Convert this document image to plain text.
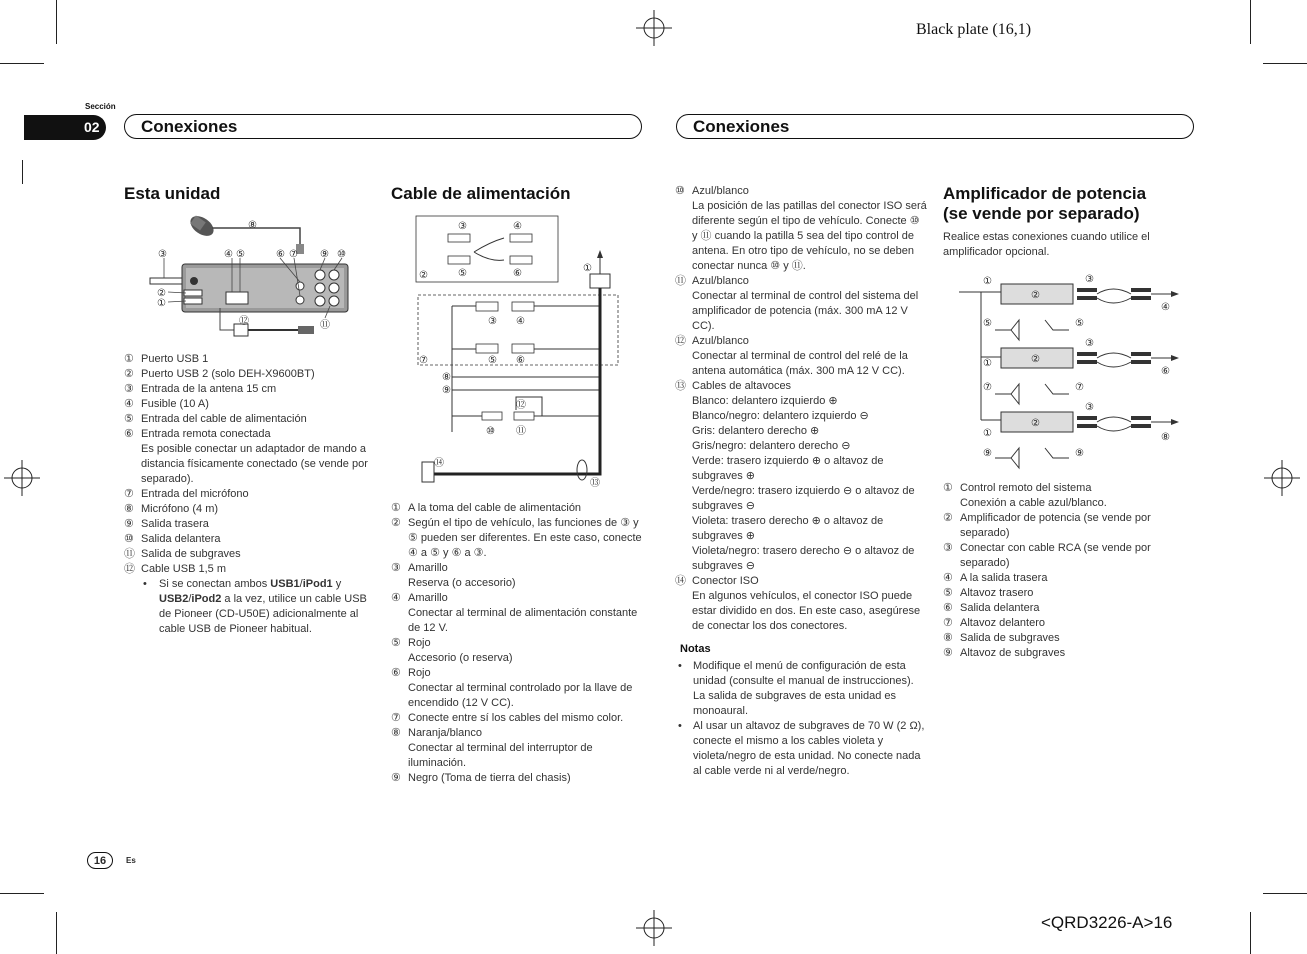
Black plate (16,1)
Sección
02 Conexiones	Conexiones
Esta unidad
⑧
③	④ ⑤	⑥ ⑦ ⑨ ⑩
②
①
⑫	⑪
① Puerto USB 1
② Puerto USB 2 (solo DEH-X9600BT)
③ Entrada de la antena 15 cm
④ Fusible (10 A)
⑤ Entrada del cable de alimentación
⑥ Entrada remota conectada
Es posible conectar un adaptador de mando a distancia físicamente conectado (se vende por separado).
⑦ Entrada del micrófono
⑧ Micrófono (4 m)
⑨ Salida trasera
⑩ Salida delantera
⑪ Salida de subgraves
⑫ Cable USB 1,5 m
• Si se conectan ambos USB1/iPod1 y USB2/iPod2 a la vez, utilice un cable USB de Pioneer (CD-U50E) adicionalmente al cable USB de Pioneer habitual.
Cable de alimentación
③	④
⑤	⑥
②
①
③ ④
⑤ ⑥
⑦
⑧
⑨
⑩ ⑪
⑫
⑭
⑬
① A la toma del cable de alimentación
② Según el tipo de vehículo, las funciones de ③ y ⑤ pueden ser diferentes. En este caso, conecte ④ a ⑤ y ⑥ a ③.
③ Amarillo
Reserva (o accesorio)
④ Amarillo
Conectar al terminal de alimentación constante de 12 V.
⑤ Rojo
Accesorio (o reserva)
⑥ Rojo
Conectar al terminal controlado por la llave de encendido (12 V CC).
⑦ Conecte entre sí los cables del mismo color.
⑧ Naranja/blanco
Conectar al terminal del interruptor de iluminación.
⑨ Negro (Toma de tierra del chasis)
⑩ Azul/blanco
La posición de las patillas del conector ISO será diferente según el tipo de vehículo. Conecte ⑩ y ⑪ cuando la patilla 5 sea del tipo control de antena. En otro tipo de vehículo, no se deben conectar nunca ⑩ y ⑪.
⑪ Azul/blanco
Conectar al terminal de control del sistema del amplificador de potencia (máx. 300 mA 12 V CC).
⑫ Azul/blanco
Conectar al terminal de control del relé de la antena automática (máx. 300 mA 12 V CC).
⑬ Cables de altavoces
Blanco: delantero izquierdo ⊕
Blanco/negro: delantero izquierdo ⊖
Gris: delantero derecho ⊕
Gris/negro: delantero derecho ⊖
Verde: trasero izquierdo ⊕ o altavoz de subgraves ⊕
Verde/negro: trasero izquierdo ⊖ o altavoz de subgraves ⊖
Violeta: trasero derecho ⊕ o altavoz de subgraves ⊕
Violeta/negro: trasero derecho ⊖ o altavoz de subgraves ⊖
⑭ Conector ISO
En algunos vehículos, el conector ISO puede estar dividido en dos. En este caso, asegúrese de conectar los dos conectores.
Notas
• Modifique el menú de configuración de esta unidad (consulte el manual de instrucciones). La salida de subgraves de esta unidad es monoaural.
• Al usar un altavoz de subgraves de 70 W (2 Ω), conecte el mismo a los cables violeta y violeta/negro de esta unidad. No conecte nada al cable verde ni al verde/negro.
Amplificador de potencia
(se vende por separado)
Realice estas conexiones cuando utilice el amplificador opcional.
①
②
③
④
⑤	⑤
①	②
③
⑥
⑦	⑦
①
②
③
⑧
⑨	⑨
① Control remoto del sistema
Conexión a cable azul/blanco.
② Amplificador de potencia (se vende por separado)
③ Conectar con cable RCA (se vende por separado)
④ A la salida trasera
⑤ Altavoz trasero
⑥ Salida delantera
⑦ Altavoz delantero
⑧ Salida de subgraves
⑨ Altavoz de subgraves
16	Es
<QRD3226-A>16
